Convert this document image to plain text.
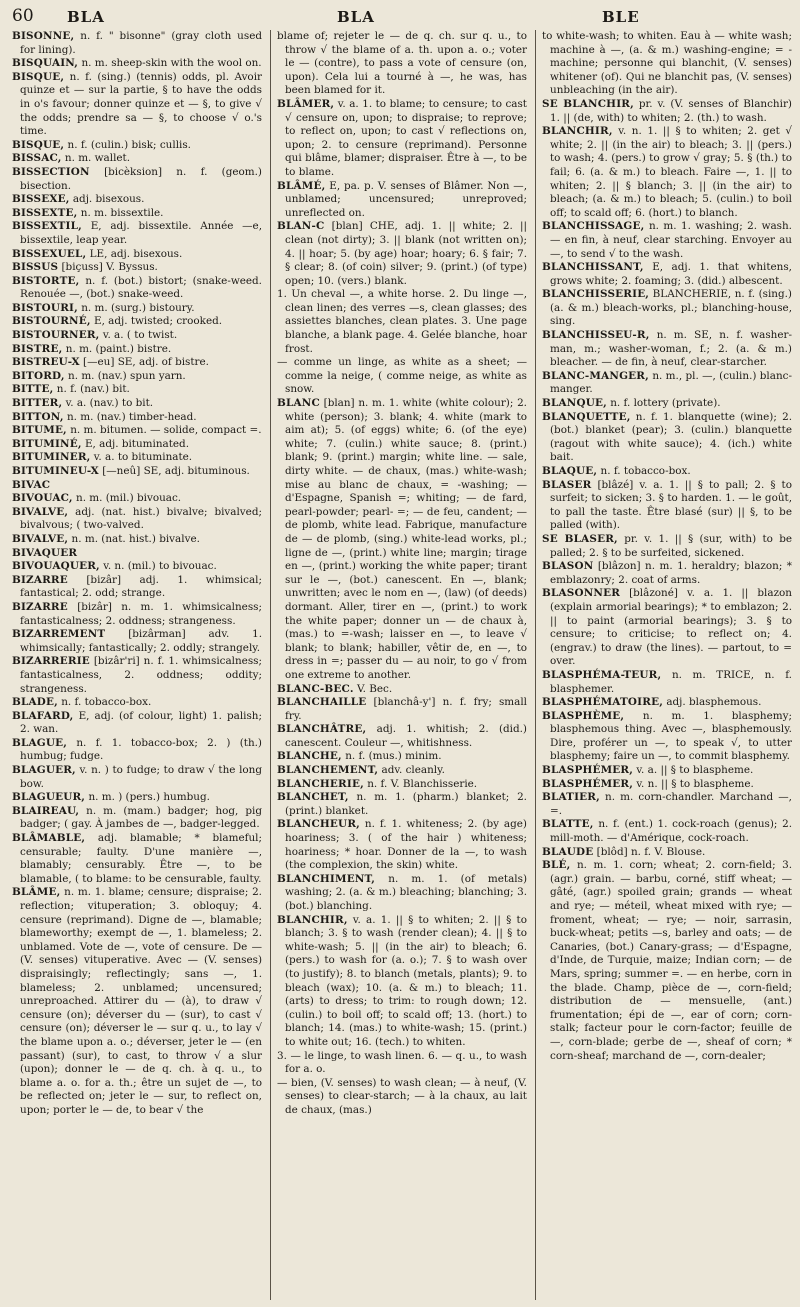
60 BLA	BLA	BLE

BISONNE, n. f. " bisonne" (gray cloth used for lining).

BISQUAIN, n. m. sheep-skin with the wool on.

BISQUE, n. f. (sing.) (tennis) odds, pl. Avoir quinze et — sur la partie, § to have the odds in o's favour; donner quinze et — §, to give √ the odds; prendre sa — §, to choose √ o.'s time.

BISQUE, n. f. (culin.) bisk; cullis.

BISSAC, n. m. wallet.

BISSECTION [bicèksion] n. f. (geom.) bisection.

BISSEXE, adj. bisexous.

BISSEXTE, n. m. bissextile.

BISSEXTIL, E, adj. bissextile. Année —e, bissextile, leap year.

BISSEXUEL, LE, adj. bisexous.

BISSUS [biçuss] V. Byssus.

BISTORTE, n. f. (bot.) bistort; (snake-weed. Renouée —, (bot.) snake-weed.

BISTOURI, n. m. (surg.) bistoury.

BISTOURNÉ, E, adj. twisted; crooked.

BISTOURNER, v. a. ( to twist.

BISTRE, n. m. (paint.) bistre.

BISTREU-X [—eu] SE, adj. of bistre.

BITORD, n. m. (nav.) spun yarn.

BITTE, n. f. (nav.) bit.

BITTER, v. a. (nav.) to bit.

BITTON, n. m. (nav.) timber-head.

BITUME, n. m. bitumen. — solide, compact =.

BITUMINÉ, E, adj. bituminated.

BITUMINER, v. a. to bituminate.

BITUMINEU-X [—neû] SE, adj. bituminous.

BIVAC

BIVOUAC, n. m. (mil.) bivouac.

BIVALVE, adj. (nat. hist.) bivalve; bivalved; bivalvous; ( two-valved.

BIVALVE, n. m. (nat. hist.) bivalve.

BIVAQUER

BIVOUAQUER, v. n. (mil.) to bivouac.

BIZARRE [bizâr] adj. 1. whimsical; fantastical; 2. odd; strange.

BIZARRE [bizâr] n. m. 1. whimsicalness; fantasticalness; 2. oddness; strangeness.

BIZARREMENT [bizârman] adv. 1. whimsically; fantastically; 2. oddly; strangely.

BIZARRERIE [bizâr'ri] n. f. 1. whimsicalness; fantasticalness, 2. oddness; oddity; strangeness.

BLADE, n. f. tobacco-box.

BLAFARD, E, adj. (of colour, light) 1. palish; 2. wan.

BLAGUE, n. f. 1. tobacco-box; 2. ) (th.) humbug; fudge.

BLAGUER, v. n. ) to fudge; to draw √ the long bow.

BLAGUEUR, n. m. ) (pers.) humbug.

BLAIREAU, n. m. (mam.) badger; hog, pig badger; ( gay. À jambes de —, badger-legged.

BLÂMABLE, adj. blamable; * blameful; censurable; faulty. D'une manière —, blamably; censurably. Être —, to be blamable, ( to blame: to be censurable, faulty.

BLÂME, n. m. 1. blame; censure; dispraise; 2. reflection; vituperation; 3. obloquy; 4. censure (reprimand). Digne de —, blamable; blameworthy; exempt de —, 1. blameless; 2. unblamed. Vote de —, vote of censure. De — (V. senses) vituperative. Avec — (V. senses) dispraisingly; reflectingly; sans —, 1. blameless; 2. unblamed; uncensured; unreproached. Attirer du — (à), to draw √ censure (on); déverser du — (sur), to cast √ censure (on); déverser le — sur q. u., to lay √ the blame upon a. o.; déverser, jeter le — (en passant) (sur), to cast, to throw √ a slur (upon); donner le — de q. ch. à q. u., to blame a. o. for a. th.; être un sujet de —, to be reflected on; jeter le — sur, to reflect on, upon; porter le — de, to bear √ the

blame of; rejeter le — de q. ch. sur q. u., to throw √ the blame of a. th. upon a. o.; voter le — (contre), to pass a vote of censure (on, upon). Cela lui a tourné à —, he was, has been blamed for it.

BLÂMER, v. a. 1. to blame; to censure; to cast √ censure on, upon; to dispraise; to reprove; to reflect on, upon; to cast √ reflections on, upon; 2. to censure (reprimand). Personne qui blâme, blamer; dispraiser. Être à —, to be to blame.

BLÂMÉ, E, pa. p. V. senses of Blâmer. Non —, unblamed; uncensured; unreproved; unreflected on.

BLAN-C [blan] CHE, adj. 1. || white; 2. || clean (not dirty); 3. || blank (not written on); 4. || hoar; 5. (by age) hoar; hoary; 6. § fair; 7. § clear; 8. (of coin) silver; 9. (print.) (of type) open; 10. (vers.) blank.

1. Un cheval —, a white horse. 2. Du linge —, clean linen; des verres —s, clean glasses; des assiettes blanches, clean plates. 3. Une page blanche, a blank page. 4. Gelée blanche, hoar frost.

— comme un linge, as white as a sheet; — comme la neige, ( comme neige, as white as snow.

BLANC [blan] n. m. 1. white (white colour); 2. white (person); 3. blank; 4. white (mark to aim at); 5. (of eggs) white; 6. (of the eye) white; 7. (culin.) white sauce; 8. (print.) blank; 9. (print.) margin; white line. — sale, dirty white. — de chaux, (mas.) white-wash; mise au blanc de chaux, = -washing; — d'Espagne, Spanish =; whiting; — de fard, pearl-powder; pearl- =; — de feu, candent; — de plomb, white lead. Fabrique, manufacture de — de plomb, (sing.) white-lead works, pl.; ligne de —, (print.) white line; margin; tirage en —, (print.) working the white paper; tirant sur le —, (bot.) canescent. En —, blank; unwritten; avec le nom en —, (law) (of deeds) dormant. Aller, tirer en —, (print.) to work the white paper; donner un — de chaux à, (mas.) to =-wash; laisser en —, to leave √ blank; to blank; habiller, vêtir de, en —, to dress in =; passer du — au noir, to go √ from one extreme to another.

BLANC-BEC. V. Bec.

BLANCHAILLE [blanchâ-y'] n. f. fry; small fry.

BLANCHÂTRE, adj. 1. whitish; 2. (did.) canescent. Couleur —, whitishness.

BLANCHE, n. f. (mus.) minim.

BLANCHEMENT, adv. cleanly.

BLANCHERIE, n. f. V. Blanchisserie.

BLANCHET, n. m. 1. (pharm.) blanket; 2. (print.) blanket.

BLANCHEUR, n. f. 1. whiteness; 2. (by age) hoariness; 3. ( of the hair ) whiteness; hoariness; * hoar. Donner de la —, to wash (the complexion, the skin) white.

BLANCHIMENT, n. m. 1. (of metals) washing; 2. (a. & m.) bleaching; blanching; 3. (bot.) blanching.

BLANCHIR, v. a. 1. || § to whiten; 2. || § to blanch; 3. § to wash (render clean); 4. || § to white-wash; 5. || (in the air) to bleach; 6. (pers.) to wash for (a. o.); 7. § to wash over (to justify); 8. to blanch (metals, plants); 9. to bleach (wax); 10. (a. & m.) to bleach; 11. (arts) to dress; to trim: to rough down; 12. (culin.) to boil off; to scald off; 13. (hort.) to blanch; 14. (mas.) to white-wash; 15. (print.) to white out; 16. (tech.) to whiten.

3. — le linge, to wash linen. 6. — q. u., to wash for a. o.

— bien, (V. senses) to wash clean; — à neuf, (V. senses) to clear-starch; — à la chaux, au lait de chaux, (mas.)

to white-wash; to whiten. Eau à — white wash; machine à —, (a. & m.) washing-engine; = -machine; personne qui blanchit, (V. senses) whitener (of). Qui ne blanchit pas, (V. senses) unbleaching (in the air).

SE BLANCHIR, pr. v. (V. senses of Blanchir) 1. || (de, with) to whiten; 2. (th.) to wash.

BLANCHIR, v. n. 1. || § to whiten; 2. get √ white; 2. || (in the air) to bleach; 3. || (pers.) to wash; 4. (pers.) to grow √ gray; 5. § (th.) to fail; 6. (a. & m.) to bleach. Faire —, 1. || to whiten; 2. || § blanch; 3. || (in the air) to bleach; (a. & m.) to bleach; 5. (culin.) to boil off; to scald off; 6. (hort.) to blanch.

BLANCHISSAGE, n. m. 1. washing; 2. wash. — en fin, à neuf, clear starching. Envoyer au —, to send √ to the wash.

BLANCHISSANT, E, adj. 1. that whitens, grows white; 2. foaming; 3. (did.) albescent.

BLANCHISSERIE, BLANCHERIE, n. f. (sing.) (a. & m.) bleach-works, pl.; blanching-house, sing.

BLANCHISSEU-R, n. m. SE, n. f. washer-man, m.; washer-woman, f.; 2. (a. & m.) bleacher. — de fin, à neuf, clear-starcher.

BLANC-MANGER, n. m., pl. —, (culin.) blanc-manger.

BLANQUE, n. f. lottery (private).

BLANQUETTE, n. f. 1. blanquette (wine); 2. (bot.) blanket (pear); 3. (culin.) blanquette (ragout with white sauce); 4. (ich.) white bait.

BLAQUE, n. f. tobacco-box.

BLASER [blâzé] v. a. 1. || § to pall; 2. § to surfeit; to sicken; 3. § to harden. 1. — le goût, to pall the taste. Être blasé (sur) || §, to be palled (with).

SE BLASER, pr. v. 1. || § (sur, with) to be palled; 2. § to be surfeited, sickened.

BLASON [blâzon] n. m. 1. heraldry; blazon; * emblazonry; 2. coat of arms.

BLASONNER [blâzoné] v. a. 1. || blazon (explain armorial bearings); * to emblazon; 2. || to paint (armorial bearings); 3. § to censure; to criticise; to reflect on; 4. (engrav.) to draw (the lines). — partout, to = over.

BLASPHÉMA-TEUR, n. m. TRICE, n. f. blasphemer.

BLASPHÉMATOIRE, adj. blasphemous.

BLASPHÈME, n. m. 1. blasphemy; blasphemous thing. Avec —, blasphemously. Dire, proférer un —, to speak √, to utter blasphemy; faire un —, to commit blasphemy.

BLASPHÉMER, v. a. || § to blaspheme.

BLASPHÉMER, v. n. || § to blaspheme.

BLATIER, n. m. corn-chandler. Marchand —, =.

BLATTE, n. f. (ent.) 1. cock-roach (genus); 2. mill-moth. — d'Amérique, cock-roach.

BLAUDE [blôd] n. f. V. Blouse.

BLÉ, n. m. 1. corn; wheat; 2. corn-field; 3. (agr.) grain. — barbu, corné, stiff wheat; — gâté, (agr.) spoiled grain; grands — wheat and rye; — méteil, wheat mixed with rye; — froment, wheat; — rye; — noir, sarrasin, buck-wheat; petits —s, barley and oats; — de Canaries, (bot.) Canary-grass; — d'Espagne, d'Inde, de Turquie, maize; Indian corn; — de Mars, spring; summer =. — en herbe, corn in the blade. Champ, pièce de —, corn-field; distribution de — mensuelle, (ant.) frumentation; épi de —, ear of corn; corn-stalk; facteur pour le corn-factor; feuille de —, corn-blade; gerbe de —, sheaf of corn; * corn-sheaf; marchand de —, corn-dealer;
